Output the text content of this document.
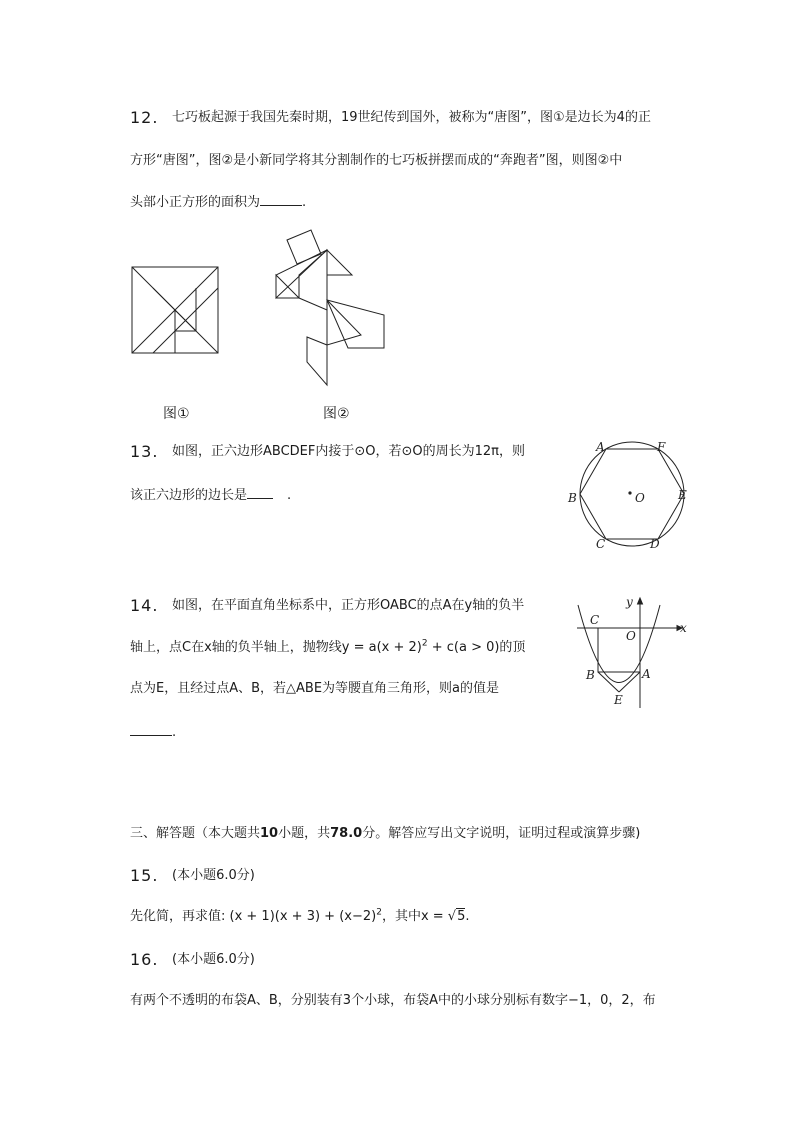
12. 七巧板起源于我国先秦时期，19世纪传到国外，被称为“唐图”，图①是边长为4的正
方形“唐图”，图②是小新同学将其分割制作的七巧板拼摆而成的“奔跑者”图，则图②中
头部小正方形的面积为	.
图①	图②
13. 如图，正六边形ABCDEF内接于⊙O，若⊙O的周长为12π，则
该正六边形的边长是	.
A	F
B	O	E
C	D
14. 如图，在平面直角坐标系中，正方形OABC的点A在y轴的负半
轴上，点C在x轴的负半轴上，抛物线$y = a(x + 2)^2 + c(a > 0)$的顶
点为E，且经过点A、B，若△ABE为等腰直角三角形，则a的值是
.
y
C
O
x
B	A
E
三、解答题（本大题共10小题，共78.0分。解答应写出文字说明，证明过程或演算步骤)
15. (本小题6.0分)
先化简，再求值: $(x + 1)(x + 3) + (x-2)^2$，其中x = √5.
16. (本小题6.0分)
有两个不透明的布袋A、B，分别装有3个小球，布袋A中的小球分别标有数字−1，0，2，布
